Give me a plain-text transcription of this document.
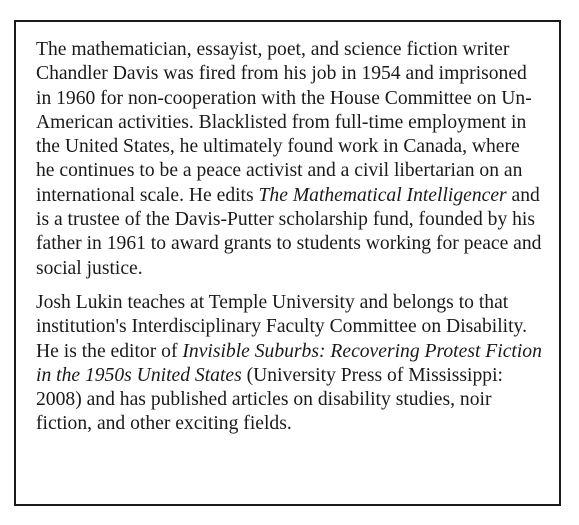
The mathematician, essayist, poet, and science fiction writer Chandler Davis was fired from his job in 1954 and imprisoned in 1960 for non-cooperation with the House Committee on Un-American activities. Blacklisted from full-time employment in the United States, he ultimately found work in Canada, where he continues to be a peace activist and a civil libertarian on an international scale. He edits The Mathematical Intelligencer and is a trustee of the Davis-Putter scholarship fund, founded by his father in 1961 to award grants to students working for peace and social justice.

Josh Lukin teaches at Temple University and belongs to that institution's Interdisciplinary Faculty Committee on Disability. He is the editor of Invisible Suburbs: Recovering Protest Fiction in the 1950s United States (University Press of Mississippi: 2008) and has published articles on disability studies, noir fiction, and other exciting fields.
